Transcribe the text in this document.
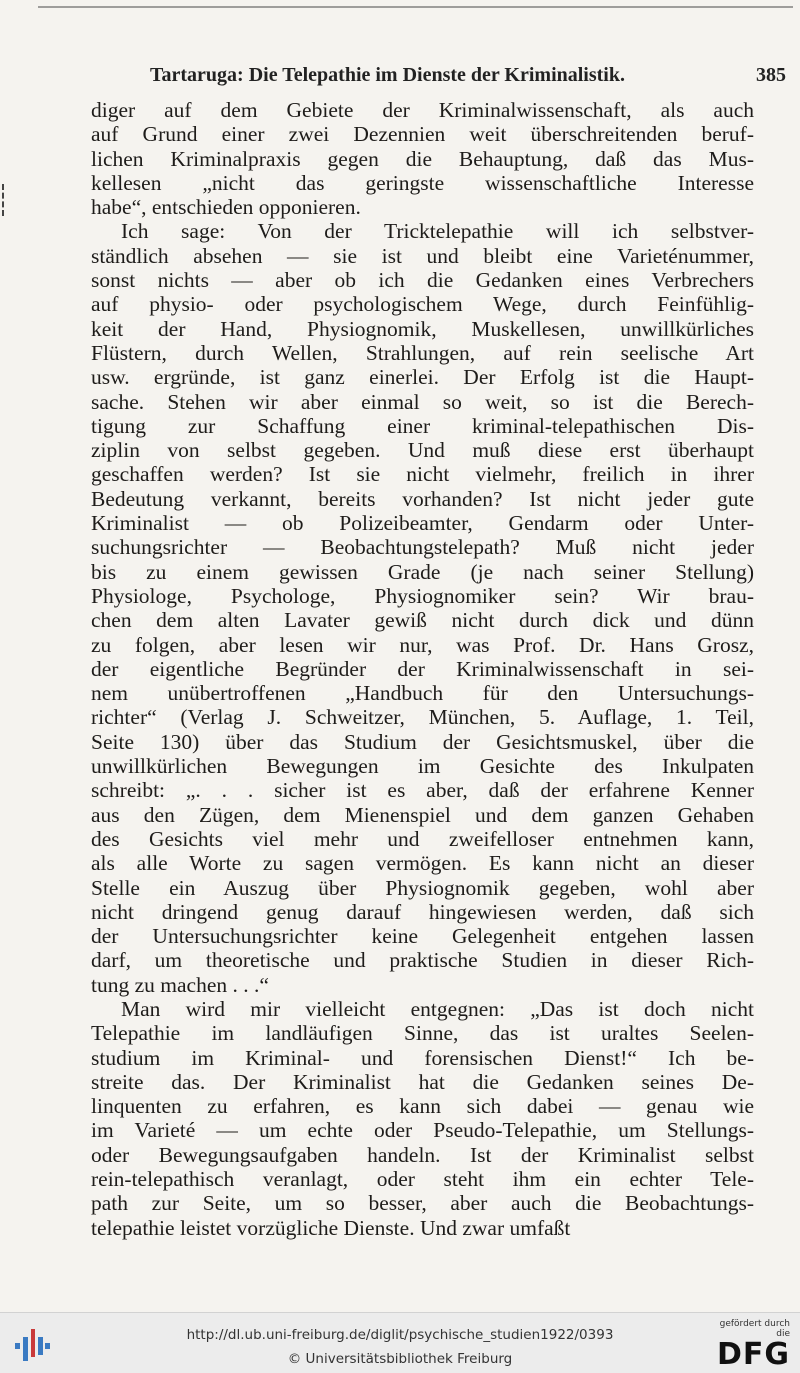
Tartaruga: Die Telepathie im Dienste der Kriminalistik.	385

diger auf dem Gebiete der Kriminalwissenschaft, als auch
auf Grund einer zwei Dezennien weit überschreitenden beruf-
lichen Kriminalpraxis gegen die Behauptung, daß das Mus-
kellesen „nicht das geringste wissenschaftliche Interesse
habe“, entschieden opponieren.

Ich sage: Von der Tricktelepathie will ich selbstver-
ständlich absehen — sie ist und bleibt eine Varieténummer,
sonst nichts — aber ob ich die Gedanken eines Verbrechers
auf physio- oder psychologischem Wege, durch Feinfühlig-
keit der Hand, Physiognomik, Muskellesen, unwillkürliches
Flüstern, durch Wellen, Strahlungen, auf rein seelische Art
usw. ergründe, ist ganz einerlei. Der Erfolg ist die Haupt-
sache. Stehen wir aber einmal so weit, so ist die Berech-
tigung zur Schaffung einer kriminal-telepathischen Dis-
ziplin von selbst gegeben. Und muß diese erst überhaupt
geschaffen werden? Ist sie nicht vielmehr, freilich in ihrer
Bedeutung verkannt, bereits vorhanden? Ist nicht jeder gute
Kriminalist — ob Polizeibeamter, Gendarm oder Unter-
suchungsrichter — Beobachtungstelepath? Muß nicht jeder
bis zu einem gewissen Grade (je nach seiner Stellung)
Physiologe, Psychologe, Physiognomiker sein? Wir brau-
chen dem alten Lavater gewiß nicht durch dick und dünn
zu folgen, aber lesen wir nur, was Prof. Dr. Hans Grosz,
der eigentliche Begründer der Kriminalwissenschaft in sei-
nem unübertroffenen „Handbuch für den Untersuchungs-
richter“ (Verlag J. Schweitzer, München, 5. Auflage, 1. Teil,
Seite 130) über das Studium der Gesichtsmuskel, über die
unwillkürlichen Bewegungen im Gesichte des Inkulpaten
schreibt: „. . . sicher ist es aber, daß der erfahrene Kenner
aus den Zügen, dem Mienenspiel und dem ganzen Gehaben
des Gesichts viel mehr und zweifelloser entnehmen kann,
als alle Worte zu sagen vermögen. Es kann nicht an dieser
Stelle ein Auszug über Physiognomik gegeben, wohl aber
nicht dringend genug darauf hingewiesen werden, daß sich
der Untersuchungsrichter keine Gelegenheit entgehen lassen
darf, um theoretische und praktische Studien in dieser Rich-
tung zu machen . . .“

Man wird mir vielleicht entgegnen: „Das ist doch nicht
Telepathie im landläufigen Sinne, das ist uraltes Seelen-
studium im Kriminal- und forensischen Dienst!“ Ich be-
streite das. Der Kriminalist hat die Gedanken seines De-
linquenten zu erfahren, es kann sich dabei — genau wie
im Varieté — um echte oder Pseudo-Telepathie, um Stellungs-
oder Bewegungsaufgaben handeln. Ist der Kriminalist selbst
rein-telepathisch veranlagt, oder steht ihm ein echter Tele-
path zur Seite, um so besser, aber auch die Beobachtungs-
telepathie leistet vorzügliche Dienste. Und zwar umfaßt

http://dl.ub.uni-freiburg.de/diglit/psychische_studien1922/0393
© Universitätsbibliothek Freiburg
gefördert durch die
DFG
